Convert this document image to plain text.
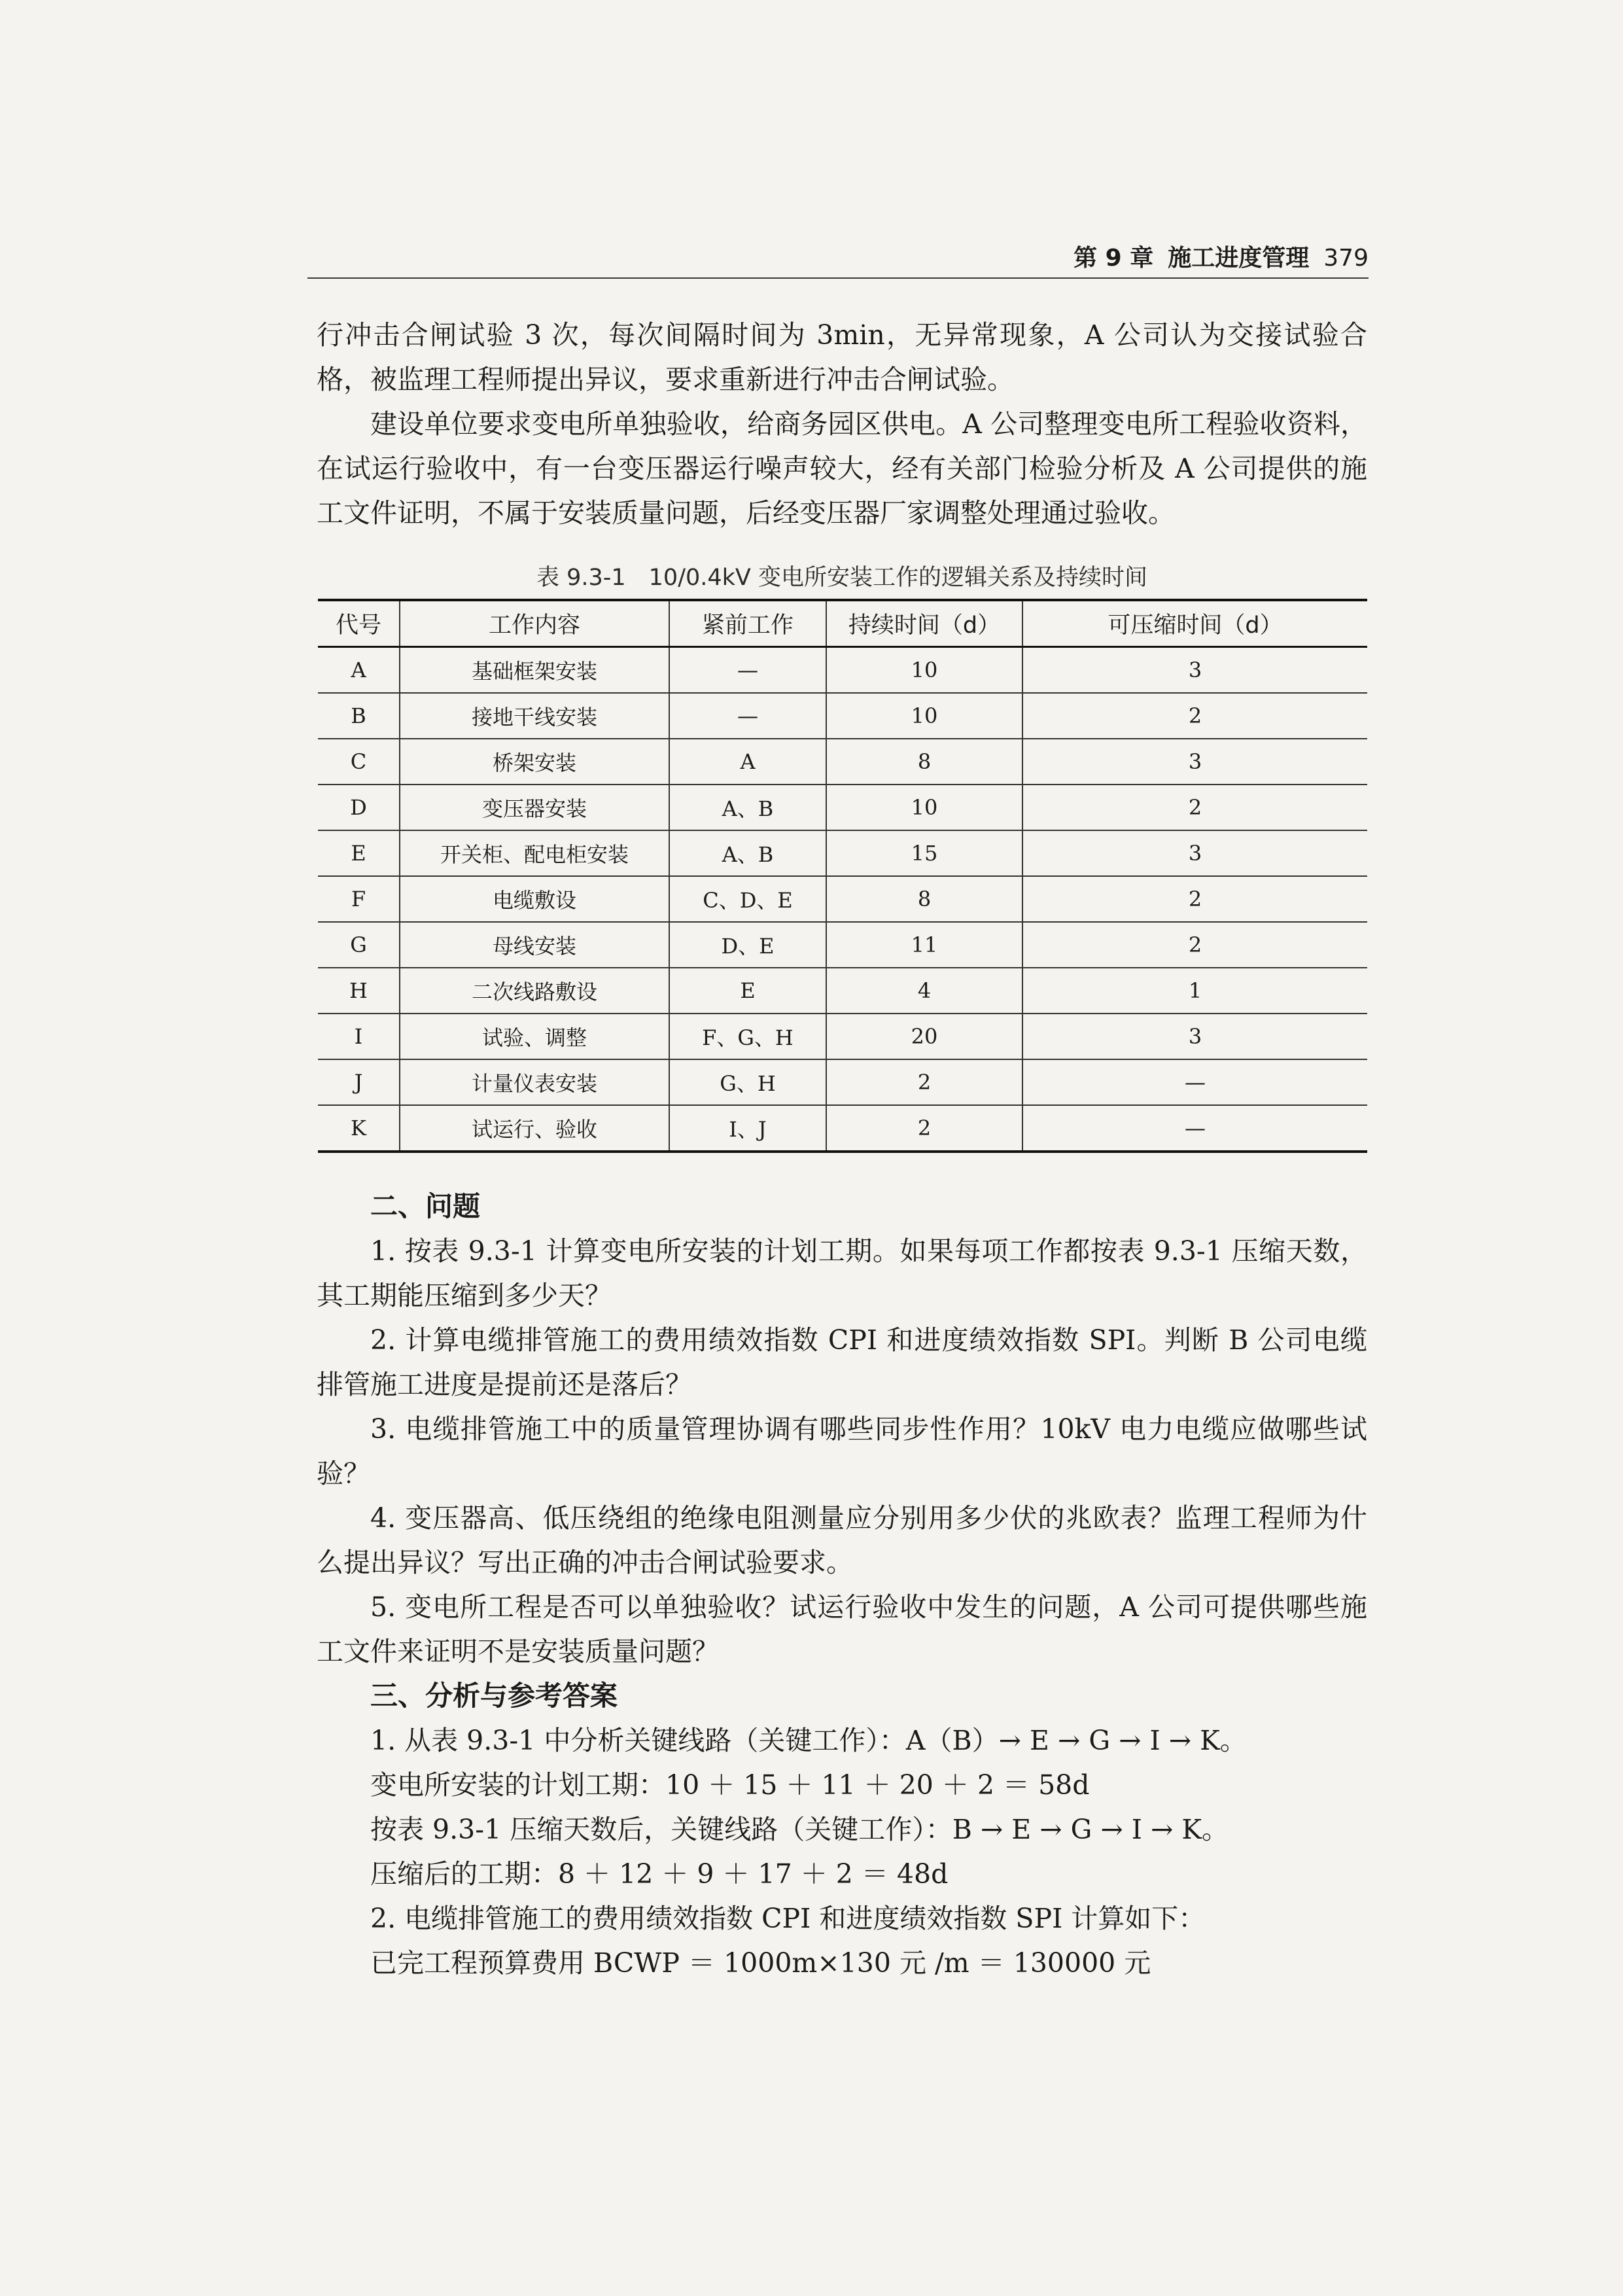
第 9 章 施工进度管理 379

行冲击合闸试验 3 次，每次间隔时间为 3min，无异常现象，A 公司认为交接试验合格，被监理工程师提出异议，要求重新进行冲击合闸试验。

建设单位要求变电所单独验收，给商务园区供电。A 公司整理变电所工程验收资料，在试运行验收中，有一台变压器运行噪声较大，经有关部门检验分析及 A 公司提供的施工文件证明，不属于安装质量问题，后经变压器厂家调整处理通过验收。

表 9.3-1　10/0.4kV 变电所安装工作的逻辑关系及持续时间
代号	工作内容	紧前工作	持续时间（d）	可压缩时间（d）
A	基础框架安装	—	10	3
B	接地干线安装	—	10	2
C	桥架安装	A	8	3
D	变压器安装	A、B	10	2
E	开关柜、配电柜安装	A、B	15	3
F	电缆敷设	C、D、E	8	2
G	母线安装	D、E	11	2
H	二次线路敷设	E	4	1
I	试验、调整	F、G、H	20	3
J	计量仪表安装	G、H	2	—
K	试运行、验收	I、J	2	—

二、问题

1. 按表 9.3-1 计算变电所安装的计划工期。如果每项工作都按表 9.3-1 压缩天数，其工期能压缩到多少天？

2. 计算电缆排管施工的费用绩效指数 CPI 和进度绩效指数 SPI。判断 B 公司电缆排管施工进度是提前还是落后？

3. 电缆排管施工中的质量管理协调有哪些同步性作用？10kV 电力电缆应做哪些试验？

4. 变压器高、低压绕组的绝缘电阻测量应分别用多少伏的兆欧表？监理工程师为什么提出异议？写出正确的冲击合闸试验要求。

5. 变电所工程是否可以单独验收？试运行验收中发生的问题，A 公司可提供哪些施工文件来证明不是安装质量问题？

三、分析与参考答案

1. 从表 9.3-1 中分析关键线路（关键工作）：A（B）→ E → G → I → K。

变电所安装的计划工期：10 ＋ 15 ＋ 11 ＋ 20 ＋ 2 ＝ 58d

按表 9.3-1 压缩天数后，关键线路（关键工作）：B → E → G → I → K。

压缩后的工期：8 ＋ 12 ＋ 9 ＋ 17 ＋ 2 ＝ 48d

2. 电缆排管施工的费用绩效指数 CPI 和进度绩效指数 SPI 计算如下：

已完工程预算费用 BCWP ＝ 1000m×130 元 /m ＝ 130000 元
